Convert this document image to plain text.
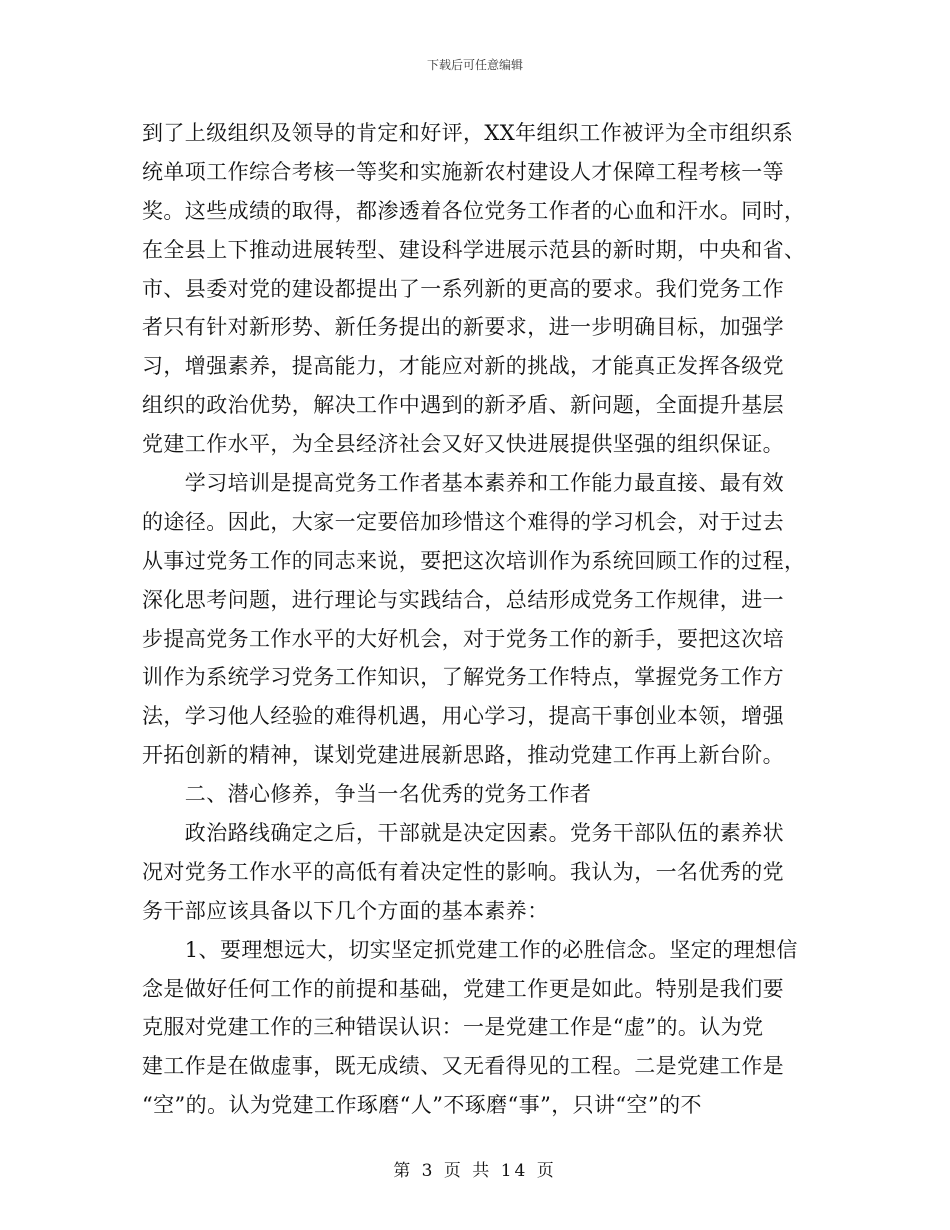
下载后可任意编辑
到了上级组织及领导的肯定和好评，XX年组织工作被评为全市组织系
统单项工作综合考核一等奖和实施新农村建设人才保障工程考核一等
奖。这些成绩的取得，都渗透着各位党务工作者的心血和汗水。同时，
在全县上下推动进展转型、建设科学进展示范县的新时期，中央和省、
市、县委对党的建设都提出了一系列新的更高的要求。我们党务工作
者只有针对新形势、新任务提出的新要求，进一步明确目标，加强学
习，增强素养，提高能力，才能应对新的挑战，才能真正发挥各级党
组织的政治优势，解决工作中遇到的新矛盾、新问题，全面提升基层
党建工作水平，为全县经济社会又好又快进展提供坚强的组织保证。
　　学习培训是提高党务工作者基本素养和工作能力最直接、最有效
的途径。因此，大家一定要倍加珍惜这个难得的学习机会，对于过去
从事过党务工作的同志来说，要把这次培训作为系统回顾工作的过程，
深化思考问题，进行理论与实践结合，总结形成党务工作规律，进一
步提高党务工作水平的大好机会，对于党务工作的新手，要把这次培
训作为系统学习党务工作知识，了解党务工作特点，掌握党务工作方
法，学习他人经验的难得机遇，用心学习，提高干事创业本领，增强
开拓创新的精神，谋划党建进展新思路，推动党建工作再上新台阶。
　　二、潜心修养，争当一名优秀的党务工作者
　　政治路线确定之后，干部就是决定因素。党务干部队伍的素养状
况对党务工作水平的高低有着决定性的影响。我认为，一名优秀的党
务干部应该具备以下几个方面的基本素养：
　　1、要理想远大，切实坚定抓党建工作的必胜信念。坚定的理想信
念是做好任何工作的前提和基础，党建工作更是如此。特别是我们要
克服对党建工作的三种错误认识：一是党建工作是“虚”的。认为党
建工作是在做虚事，既无成绩、又无看得见的工程。二是党建工作是
“空”的。认为党建工作琢磨“人”不琢磨“事”，只讲“空”的不
第 3 页 共 14 页
